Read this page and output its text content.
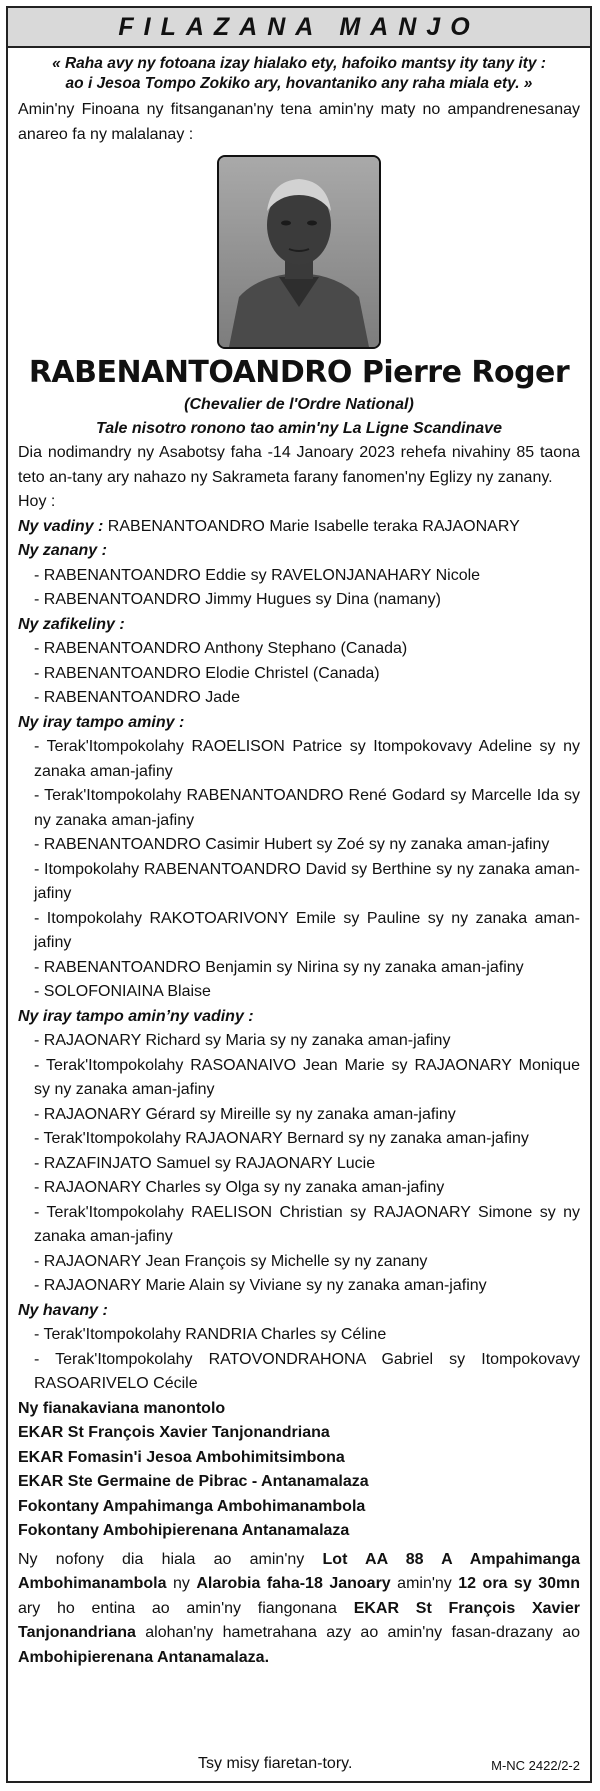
FILAZANA MANJO
« Raha avy ny fotoana izay hialako ety, hafoiko mantsy ity tany ity :
ao i Jesoa Tompo Zokiko ary, hovantaniko any raha miala ety. »
Amin'ny Finoana ny fitsanganan'ny tena amin'ny maty no ampandrenesanay anareo fa ny malalanay :
RABENANTOANDRO Pierre Roger
(Chevalier de l'Ordre National)
Tale nisotro ronono tao amin'ny La Ligne Scandinave
Dia nodimandry ny Asabotsy faha -14 Janoary 2023 rehefa nivahiny 85 taona teto an-tany ary nahazo ny Sakrameta farany fanomen'ny Eglizy ny zanany.
Hoy :
Ny vadiny : RABENANTOANDRO Marie Isabelle teraka RAJAONARY
Ny zanany :
- RABENANTOANDRO Eddie sy RAVELONJANAHARY Nicole
- RABENANTOANDRO Jimmy Hugues sy Dina (namany)
Ny zafikeliny :
- RABENANTOANDRO Anthony Stephano (Canada)
- RABENANTOANDRO Elodie Christel (Canada)
- RABENANTOANDRO Jade
Ny iray tampo aminy :
- Terak'Itompokolahy RAOELISON Patrice sy Itompokovavy Adeline sy ny zanaka aman-jafiny
- Terak'Itompokolahy RABENANTOANDRO René Godard sy Marcelle Ida sy ny zanaka aman-jafiny
- RABENANTOANDRO Casimir Hubert sy Zoé sy ny zanaka aman-jafiny
- Itompokolahy RABENANTOANDRO David sy Berthine sy ny zanaka aman-jafiny
- Itompokolahy RAKOTOARIVONY Emile sy Pauline sy ny zanaka aman-jafiny
- RABENANTOANDRO Benjamin sy Nirina sy ny zanaka aman-jafiny
- SOLOFONIAINA Blaise
Ny iray tampo amin’ny vadiny :
- RAJAONARY Richard sy Maria sy ny zanaka aman-jafiny
- Terak'Itompokolahy RASOANAIVO Jean Marie sy RAJAONARY Monique sy ny zanaka aman-jafiny
- RAJAONARY Gérard sy Mireille sy ny zanaka aman-jafiny
- Terak'Itompokolahy RAJAONARY Bernard sy ny zanaka aman-jafiny
- RAZAFINJATO Samuel sy RAJAONARY Lucie
- RAJAONARY Charles sy Olga sy ny zanaka aman-jafiny
- Terak'Itompokolahy RAELISON Christian sy RAJAONARY Simone sy ny zanaka aman-jafiny
- RAJAONARY Jean François sy Michelle sy ny zanany
- RAJAONARY Marie Alain sy Viviane sy ny zanaka aman-jafiny
Ny havany :
- Terak'Itompokolahy RANDRIA Charles sy Céline
- Terak'Itompokolahy RATOVONDRAHONA Gabriel sy Itompokovavy RASOARIVELO Cécile
Ny fianakaviana manontolo
EKAR St François Xavier Tanjonandriana
EKAR Fomasin'i Jesoa Ambohimitsimbona
EKAR Ste Germaine de Pibrac - Antanamalaza
Fokontany Ampahimanga Ambohimanambola
Fokontany Ambohipierenana Antanamalaza
Ny nofony dia hiala ao amin'ny Lot AA 88 A Ampahimanga Ambohimanambola ny Alarobia faha-18 Janoary amin'ny 12 ora sy 30mn ary ho entina ao amin'ny fiangonana EKAR St François Xavier Tanjonandriana alohan'ny hametrahana azy ao amin'ny fasan-drazany ao Ambohipierenana Antanamalaza.
Tsy misy fiaretan-tory.	M-NC 2422/2-2
